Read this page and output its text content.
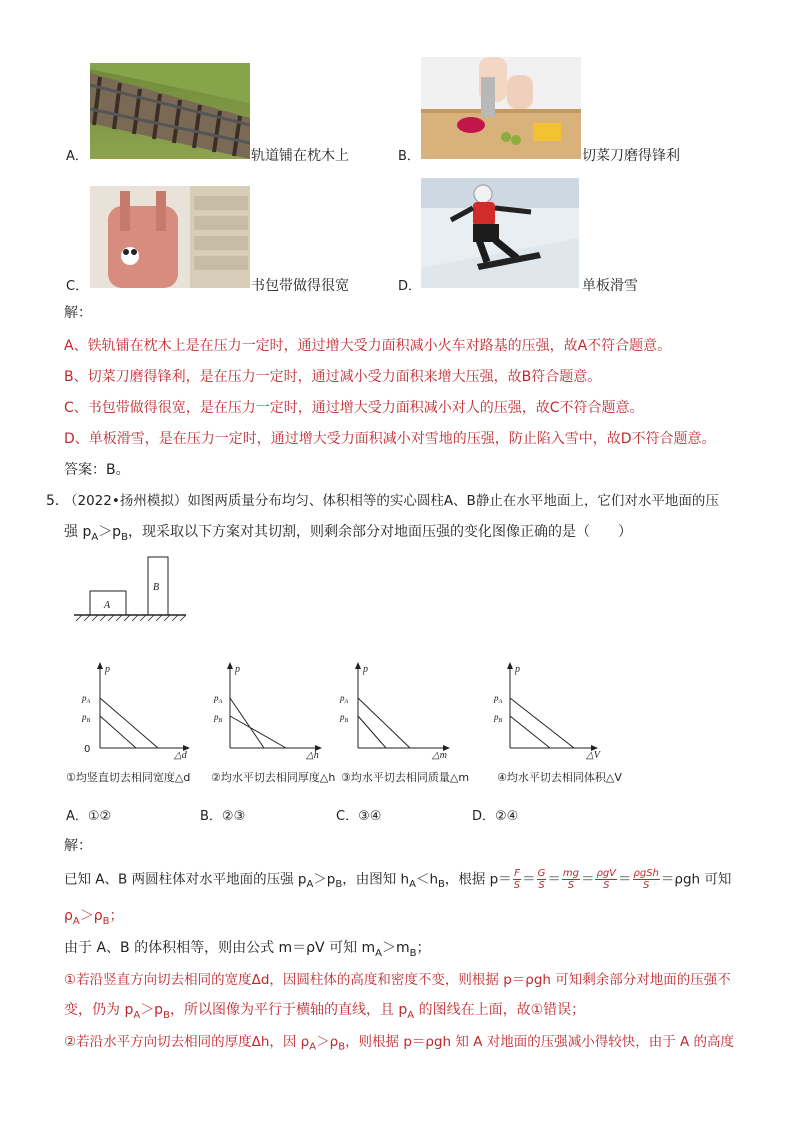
A．	轨道铺在枕木上	B．	切菜刀磨得锋利
C．	书包带做得很宽	D．	单板滑雪
解：
A、铁轨铺在枕木上是在压力一定时，通过增大受力面积减小火车对路基的压强，故A不符合题意。
B、切菜刀磨得锋利，是在压力一定时，通过减小受力面积来增大压强，故B符合题意。
C、书包带做得很宽，是在压力一定时，通过增大受力面积减小对人的压强，故C不符合题意。
D、单板滑雪，是在压力一定时，通过增大受力面积减小对雪地的压强，防止陷入雪中，故D不符合题意。
答案：B。
5．
（2022•扬州模拟）如图两质量分布均匀、体积相等的实心圆柱A、B静止在水平地面上，它们对水平地面的压
强 $p_A>p_B$，现采取以下方案对其切割，则剩余部分对地面压强的变化图像正确的是（　　）
A
B
p
0
$p_A$
$p_B$
△d
①均竖直切去相同宽度△d
p
$p_A$
$p_B$
△h
②均水平切去相同厚度△h
p
$p_A$
$p_B$
△m
③均水平切去相同质量△m
p
$p_A$
$p_B$
△V
④均水平切去相同体积△V
A．①②	B．②③	C．③④	D．②④
解：
已知 A、B 两圆柱体对水平地面的压强 $p_A>p_B$，由图知 $h_A<h_B$，根据 $p= \frac{F}{S} = \frac{G}{S} = \frac{mg}{S} = \frac{\text{ρgV}}{S} = \frac{\text{ρgSh}}{S} =\rho gh$ 可知
$\rho_A>\rho_B$；
由于 A、B 的体积相等，则由公式 m＝ρV 可知 $m_A>m_B$；
①若沿竖直方向切去相同的宽度Δd，因圆柱体的高度和密度不变，则根据 p＝ρgh 可知剩余部分对地面的压强不
变，仍为 $p_A>p_B$，所以图像为平行于横轴的直线，且 $p_A$ 的图线在上面，故①错误；
②若沿水平方向切去相同的厚度Δh，因 $\rho_A>\rho_B$，则根据 p＝ρgh 知 A 对地面的压强减小得较快，由于 A 的高度
